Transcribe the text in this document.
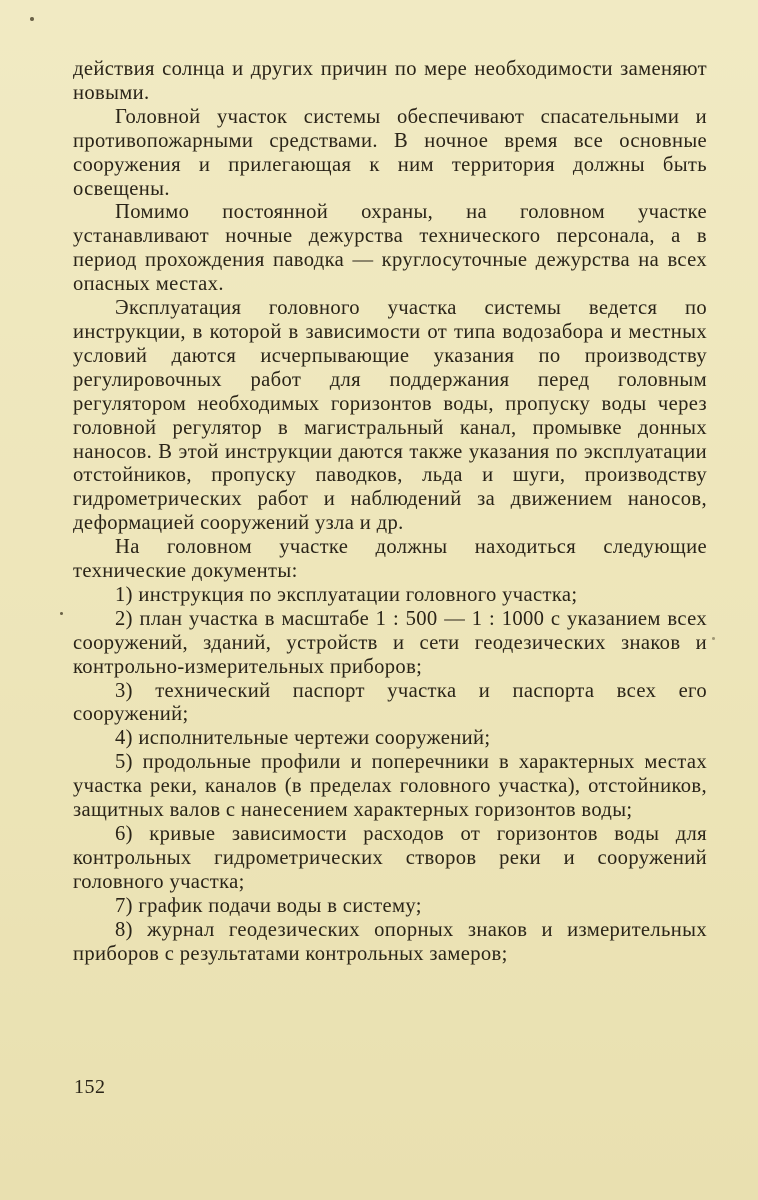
действия солнца и других причин по мере необходимости заменяют новыми.

Головной участок системы обеспечивают спасательными и противопожарными средствами. В ночное время все основные сооружения и прилегающая к ним территория должны быть освещены.

Помимо постоянной охраны, на головном участке устанавливают ночные дежурства технического персонала, а в период прохождения паводка — круглосуточные дежурства на всех опасных местах.

Эксплуатация головного участка системы ведется по инструкции, в которой в зависимости от типа водозабора и местных условий даются исчерпывающие указания по производству регулировочных работ для поддержания перед головным регулятором необходимых горизонтов воды, пропуску воды через головной регулятор в магистральный канал, промывке донных наносов. В этой инструкции даются также указания по эксплуатации отстойников, пропуску паводков, льда и шуги, производству гидрометрических работ и наблюдений за движением наносов, деформацией сооружений узла и др.

На головном участке должны находиться следующие технические документы:

1) инструкция по эксплуатации головного участка;

2) план участка в масштабе 1 : 500 — 1 : 1000 с указанием всех сооружений, зданий, устройств и сети геодезических знаков и контрольно-измерительных приборов;

3) технический паспорт участка и паспорта всех его сооружений;

4) исполнительные чертежи сооружений;

5) продольные профили и поперечники в характерных местах участка реки, каналов (в пределах головного участка), отстойников, защитных валов с нанесением характерных горизонтов воды;

6) кривые зависимости расходов от горизонтов воды для контрольных гидрометрических створов реки и сооружений головного участка;

7) график подачи воды в систему;

8) журнал геодезических опорных знаков и измерительных приборов с результатами контрольных замеров;

152
